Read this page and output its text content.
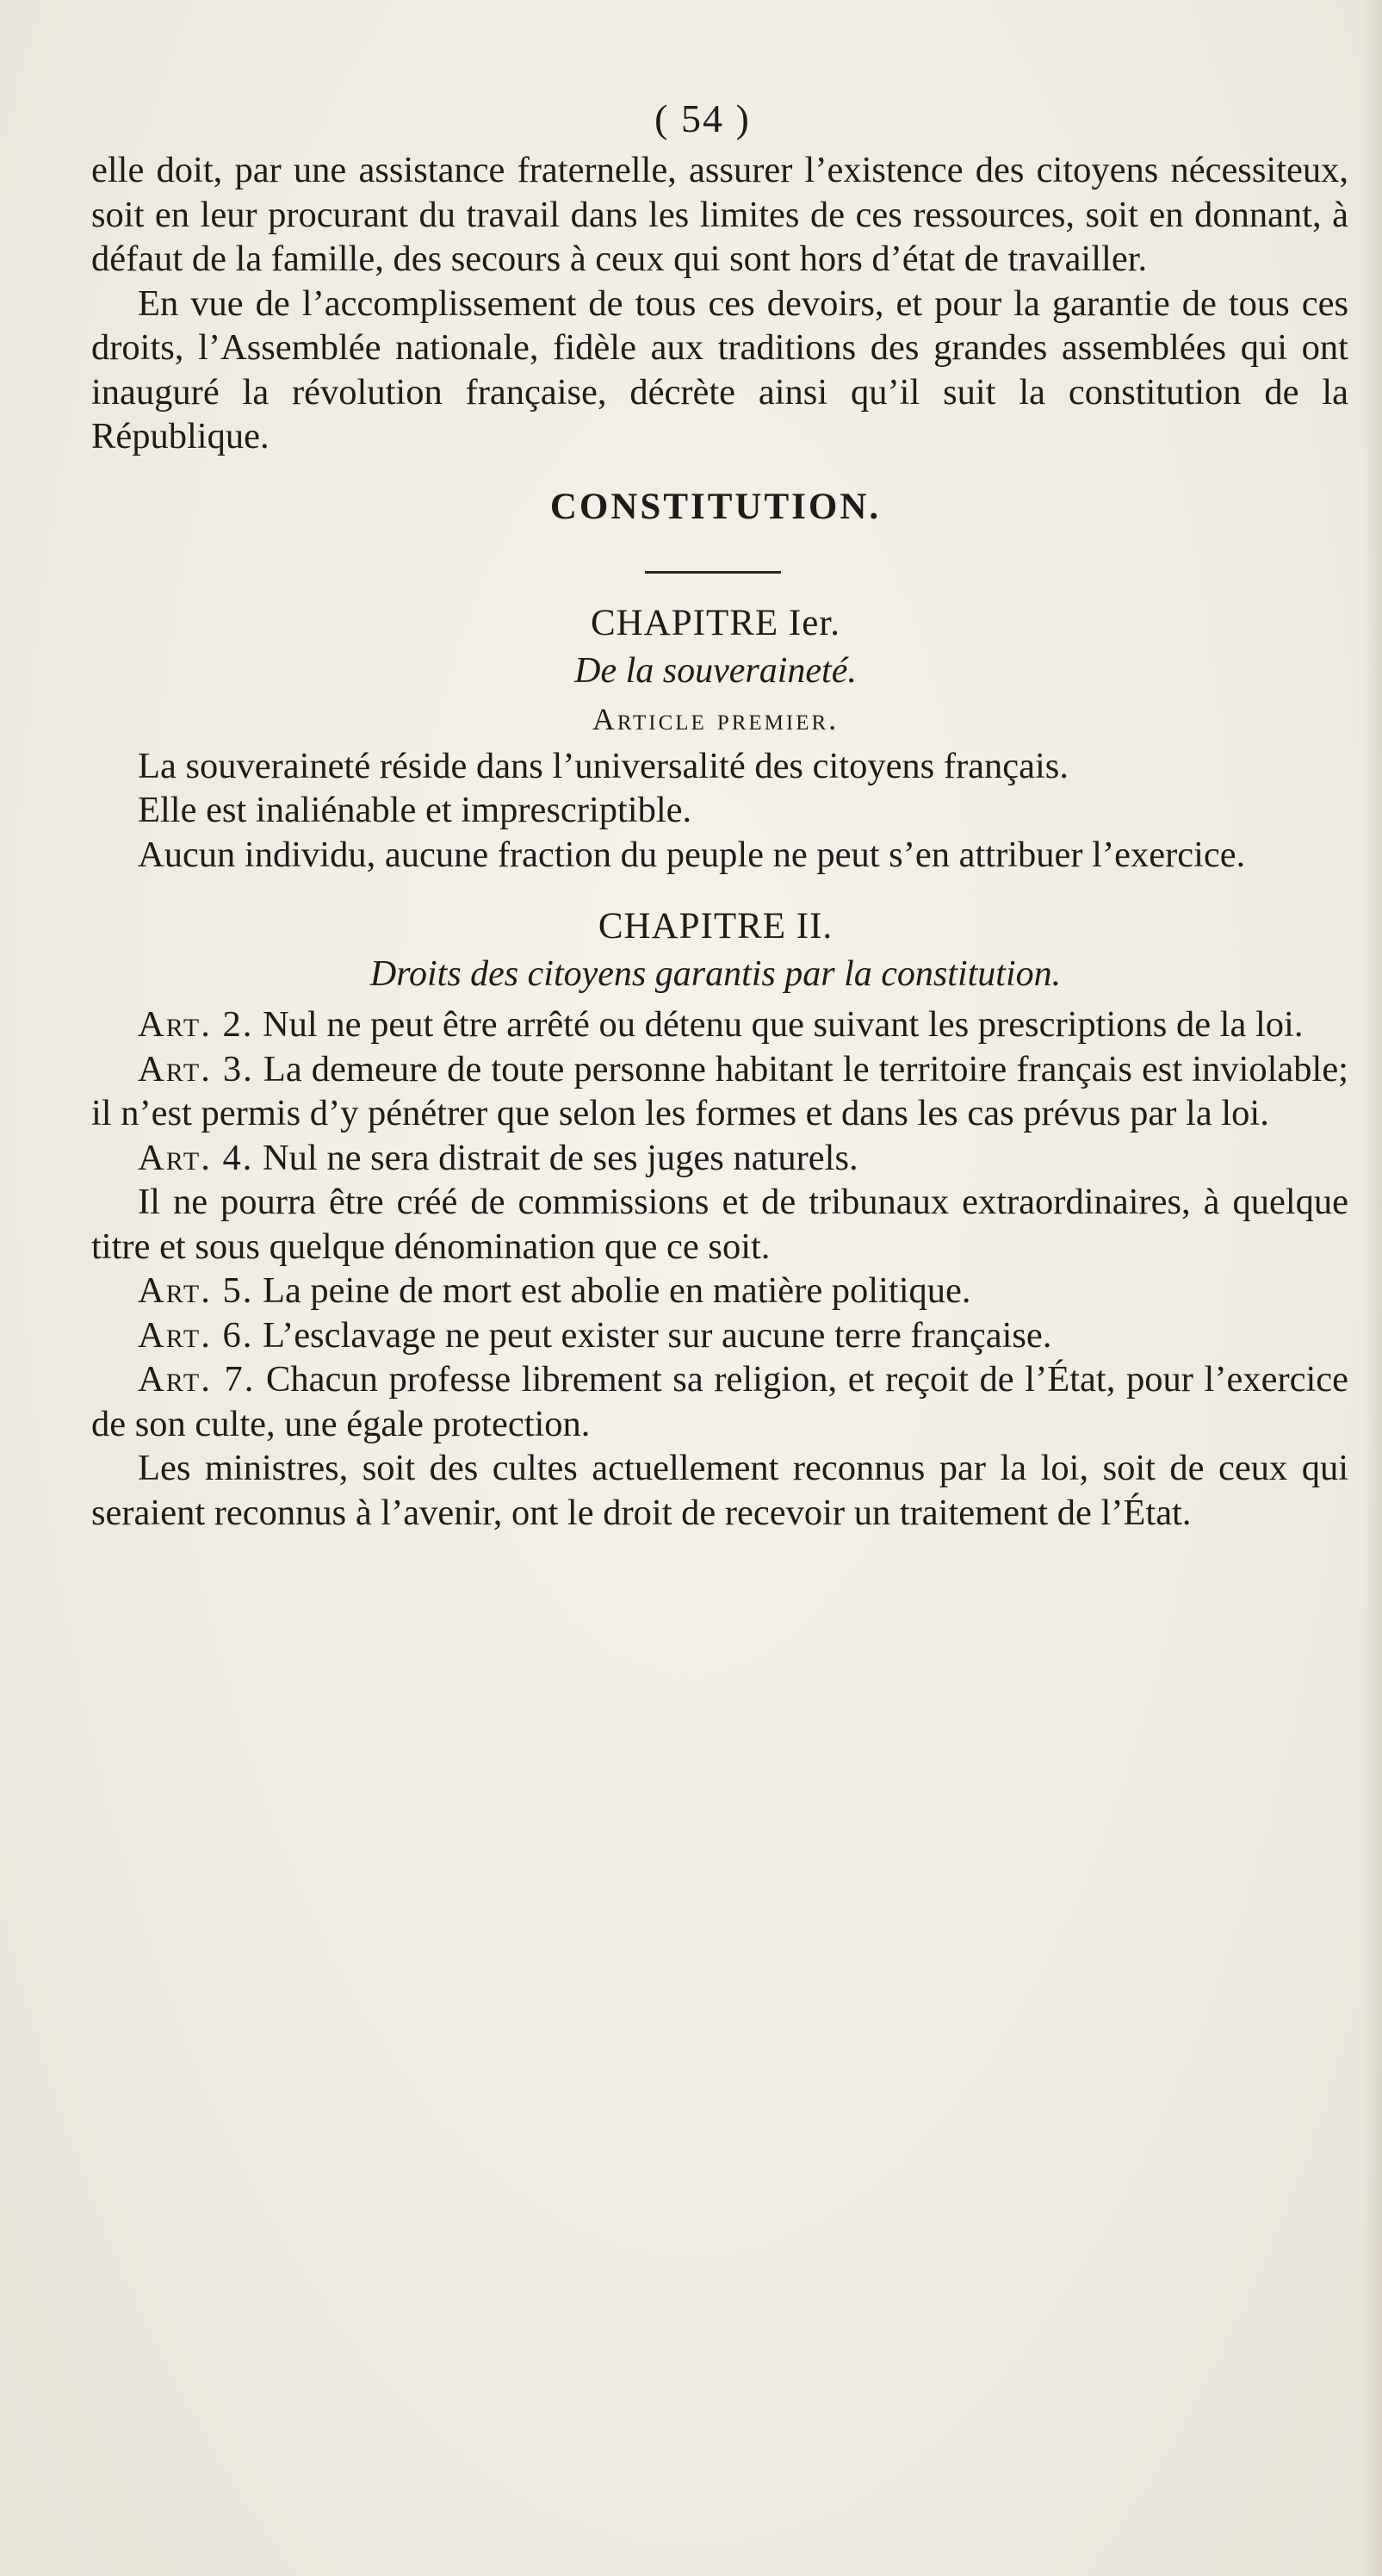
( 54 )

elle doit, par une assistance fraternelle, assurer l’existence des citoyens nécessiteux, soit en leur procurant du travail dans les limites de ces ressources, soit en donnant, à défaut de la famille, des secours à ceux qui sont hors d’état de travailler.

En vue de l’accomplissement de tous ces devoirs, et pour la garantie de tous ces droits, l’Assemblée nationale, fidèle aux traditions des grandes assemblées qui ont inauguré la révolution française, décrète ainsi qu’il suit la constitution de la République.

CONSTITUTION.
CHAPITRE Ier.
De la souveraineté.
Article premier.

La souveraineté réside dans l’universalité des citoyens français.

Elle est inaliénable et imprescriptible.

Aucun individu, aucune fraction du peuple ne peut s’en attribuer l’exercice.

CHAPITRE II.
Droits des citoyens garantis par la constitution.

Art. 2. Nul ne peut être arrêté ou détenu que suivant les prescriptions de la loi.

Art. 3. La demeure de toute personne habitant le territoire français est inviolable; il n’est permis d’y pénétrer que selon les formes et dans les cas prévus par la loi.

Art. 4. Nul ne sera distrait de ses juges naturels.

Il ne pourra être créé de commissions et de tribunaux extraordinaires, à quelque titre et sous quelque dénomination que ce soit.

Art. 5. La peine de mort est abolie en matière politique.

Art. 6. L’esclavage ne peut exister sur aucune terre française.

Art. 7. Chacun professe librement sa religion, et reçoit de l’État, pour l’exercice de son culte, une égale protection.

Les ministres, soit des cultes actuellement reconnus par la loi, soit de ceux qui seraient reconnus à l’avenir, ont le droit de recevoir un traitement de l’État.
